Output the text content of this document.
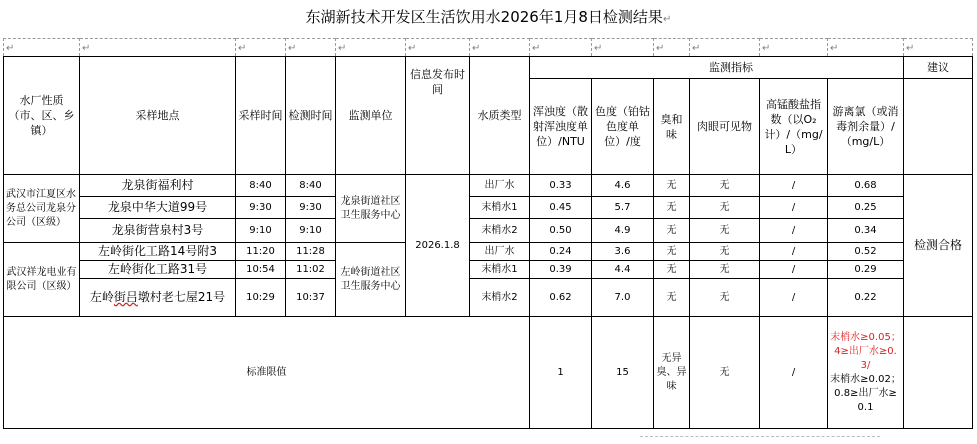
东湖新技术开发区生活饮用水2026年1月8日检测结果↵
↵	↵	↵	↵	↵	↵	↵	↵	↵	↵	↵	↵	↵	↵
水厂性质（市、区、乡镇）	采样地点	采样时间	检测时间	监测单位	信息发布时间	水质类型	监测指标						建议
							浑浊度（散射浑浊度单位）/NTU	色度（铂钴色度单位）/度	臭和味	肉眼可见物	高锰酸盐指数（以O₂计）/（mg/L）	游离氯（或消毒剂余量）/（mg/L）	
武汉市江夏区水务总公司龙泉分公司（区级）	龙泉街福利村	8:40	8:40	龙泉街道社区卫生服务中心	2026.1.8	出厂水	0.33	4.6	无	无	/	0.68	检测合格
	龙泉中华大道99号	9:30	9:30			末梢水1	0.45	5.7	无	无	/	0.25	
	龙泉街营泉村3号	9:10	9:10			末梢水2	0.50	4.9	无	无	/	0.34	
武汉祥龙电业有限公司（区级）	左岭街化工路14号附3	11:20	11:28	左岭街道社区卫生服务中心		出厂水	0.24	3.6	无	无	/	0.52	
	左岭街化工路31号	10:54	11:02			末梢水1	0.39	4.4	无	无	/	0.29	
	左岭街吕墩村老七屋21号	10:29	10:37			末梢水2	0.62	7.0	无	无	/	0.22	
标准限值							1	15	无异臭、异味	无	/	末梢水≥0.05；4≥出厂水≥0.3/
末梢水≥0.02；0.8≥出厂水≥0.1	
